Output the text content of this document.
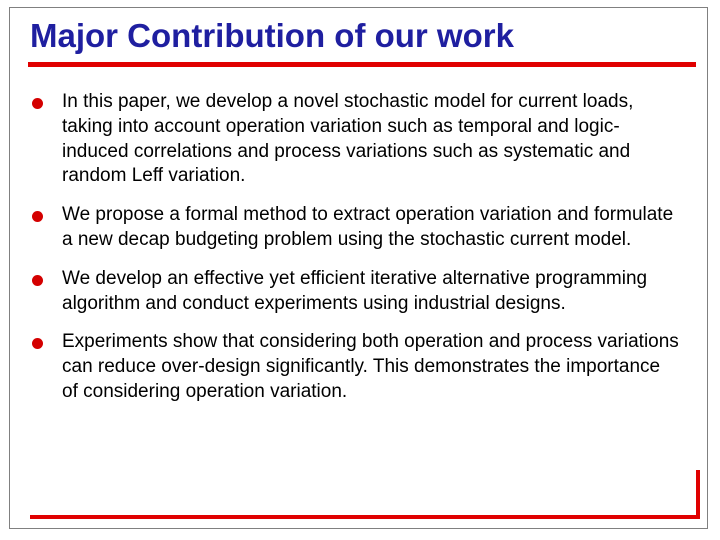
Major Contribution of our work
In this paper, we develop a novel stochastic model for current loads, taking into account operation variation such as temporal and logic-induced correlations and process variations such as systematic and random Leff variation.
We propose a formal method to extract operation variation and formulate a new decap budgeting problem using the stochastic current model.
We develop an effective yet efficient iterative alternative programming algorithm and conduct experiments using industrial designs.
Experiments show that considering both operation and process variations can reduce over-design significantly. This demonstrates the importance of considering operation variation.
